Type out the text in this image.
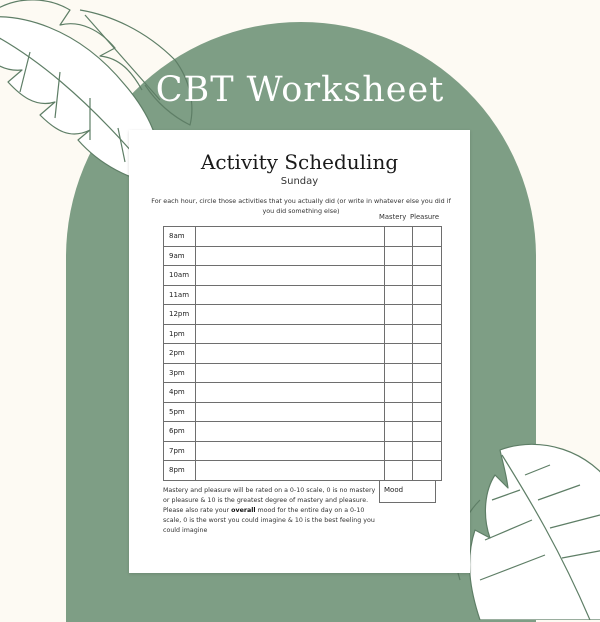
CBT Worksheet
Activity Scheduling
Sunday
For each hour, circle those activities that you actually did (or write in whatever else you did if you did something else)
Mastery Pleasure
8am			
9am			
10am			
11am			
12pm			
1pm			
2pm			
3pm			
4pm			
5pm			
6pm			
7pm			
8pm			
Mastery and pleasure will be rated on a 0-10 scale, 0 is no mastery or pleasure & 10 is the greatest degree of mastery and pleasure. Please also rate your overall mood for the entire day on a 0-10 scale, 0 is the worst you could imagine & 10 is the best feeling you could imagine
Mood
